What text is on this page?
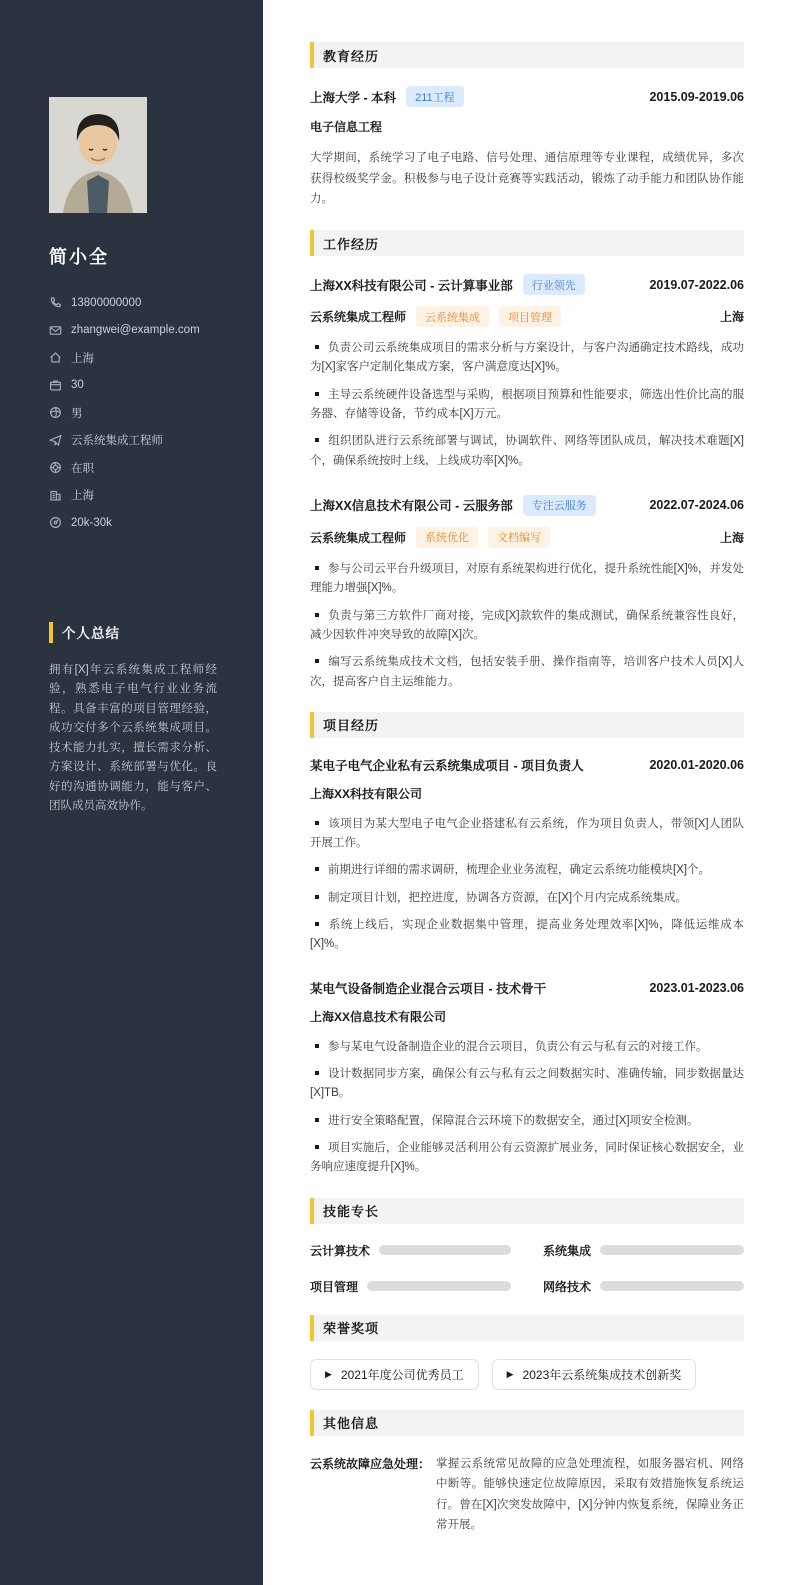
简小全
13800000000
zhangwei@example.com
上海
30
男
云系统集成工程师
在职
上海
20k-30k
个人总结

拥有[X]年云系统集成工程师经验，熟悉电子电气行业业务流程。具备丰富的项目管理经验，成功交付多个云系统集成项目。技术能力扎实，擅长需求分析、方案设计、系统部署与优化。良好的沟通协调能力，能与客户、团队成员高效协作。

教育经历
上海大学 - 本科	211工程	2015.09-2019.06
电子信息工程

大学期间，系统学习了电子电路、信号处理、通信原理等专业课程，成绩优异，多次获得校级奖学金。积极参与电子设计竞赛等实践活动，锻炼了动手能力和团队协作能力。

工作经历
上海XX科技有限公司 - 云计算事业部	行业领先	2019.07-2022.06
云系统集成工程师	云系统集成	项目管理	上海

负责公司云系统集成项目的需求分析与方案设计，与客户沟通确定技术路线，成功为[X]家客户定制化集成方案，客户满意度达[X]%。

主导云系统硬件设备选型与采购，根据项目预算和性能要求，筛选出性价比高的服务器、存储等设备，节约成本[X]万元。

组织团队进行云系统部署与调试，协调软件、网络等团队成员，解决技术难题[X]个，确保系统按时上线，上线成功率[X]%。

上海XX信息技术有限公司 - 云服务部	专注云服务	2022.07-2024.06
云系统集成工程师	系统优化	文档编写	上海

参与公司云平台升级项目，对原有系统架构进行优化，提升系统性能[X]%，并发处理能力增强[X]%。

负责与第三方软件厂商对接，完成[X]款软件的集成测试，确保系统兼容性良好，减少因软件冲突导致的故障[X]次。

编写云系统集成技术文档，包括安装手册、操作指南等，培训客户技术人员[X]人次，提高客户自主运维能力。

项目经历
某电子电气企业私有云系统集成项目 - 项目负责人	2020.01-2020.06
上海XX科技有限公司

该项目为某大型电子电气企业搭建私有云系统，作为项目负责人，带领[X]人团队开展工作。

前期进行详细的需求调研，梳理企业业务流程，确定云系统功能模块[X]个。

制定项目计划，把控进度，协调各方资源，在[X]个月内完成系统集成。

系统上线后，实现企业数据集中管理，提高业务处理效率[X]%，降低运维成本[X]%。

某电气设备制造企业混合云项目 - 技术骨干	2023.01-2023.06
上海XX信息技术有限公司

参与某电气设备制造企业的混合云项目，负责公有云与私有云的对接工作。

设计数据同步方案，确保公有云与私有云之间数据实时、准确传输，同步数据量达[X]TB。

进行安全策略配置，保障混合云环境下的数据安全，通过[X]项安全检测。

项目实施后，企业能够灵活利用公有云资源扩展业务，同时保证核心数据安全，业务响应速度提升[X]%。

技能专长
云计算技术	系统集成
项目管理	网络技术
荣誉奖项
▶ 2021年度公司优秀员工	▶ 2023年云系统集成技术创新奖
其他信息
云系统故障应急处理： 掌握云系统常见故障的应急处理流程，如服务器宕机、网络中断等。能够快速定位故障原因，采取有效措施恢复系统运行。曾在[X]次突发故障中，[X]分钟内恢复系统，保障业务正常开展。
